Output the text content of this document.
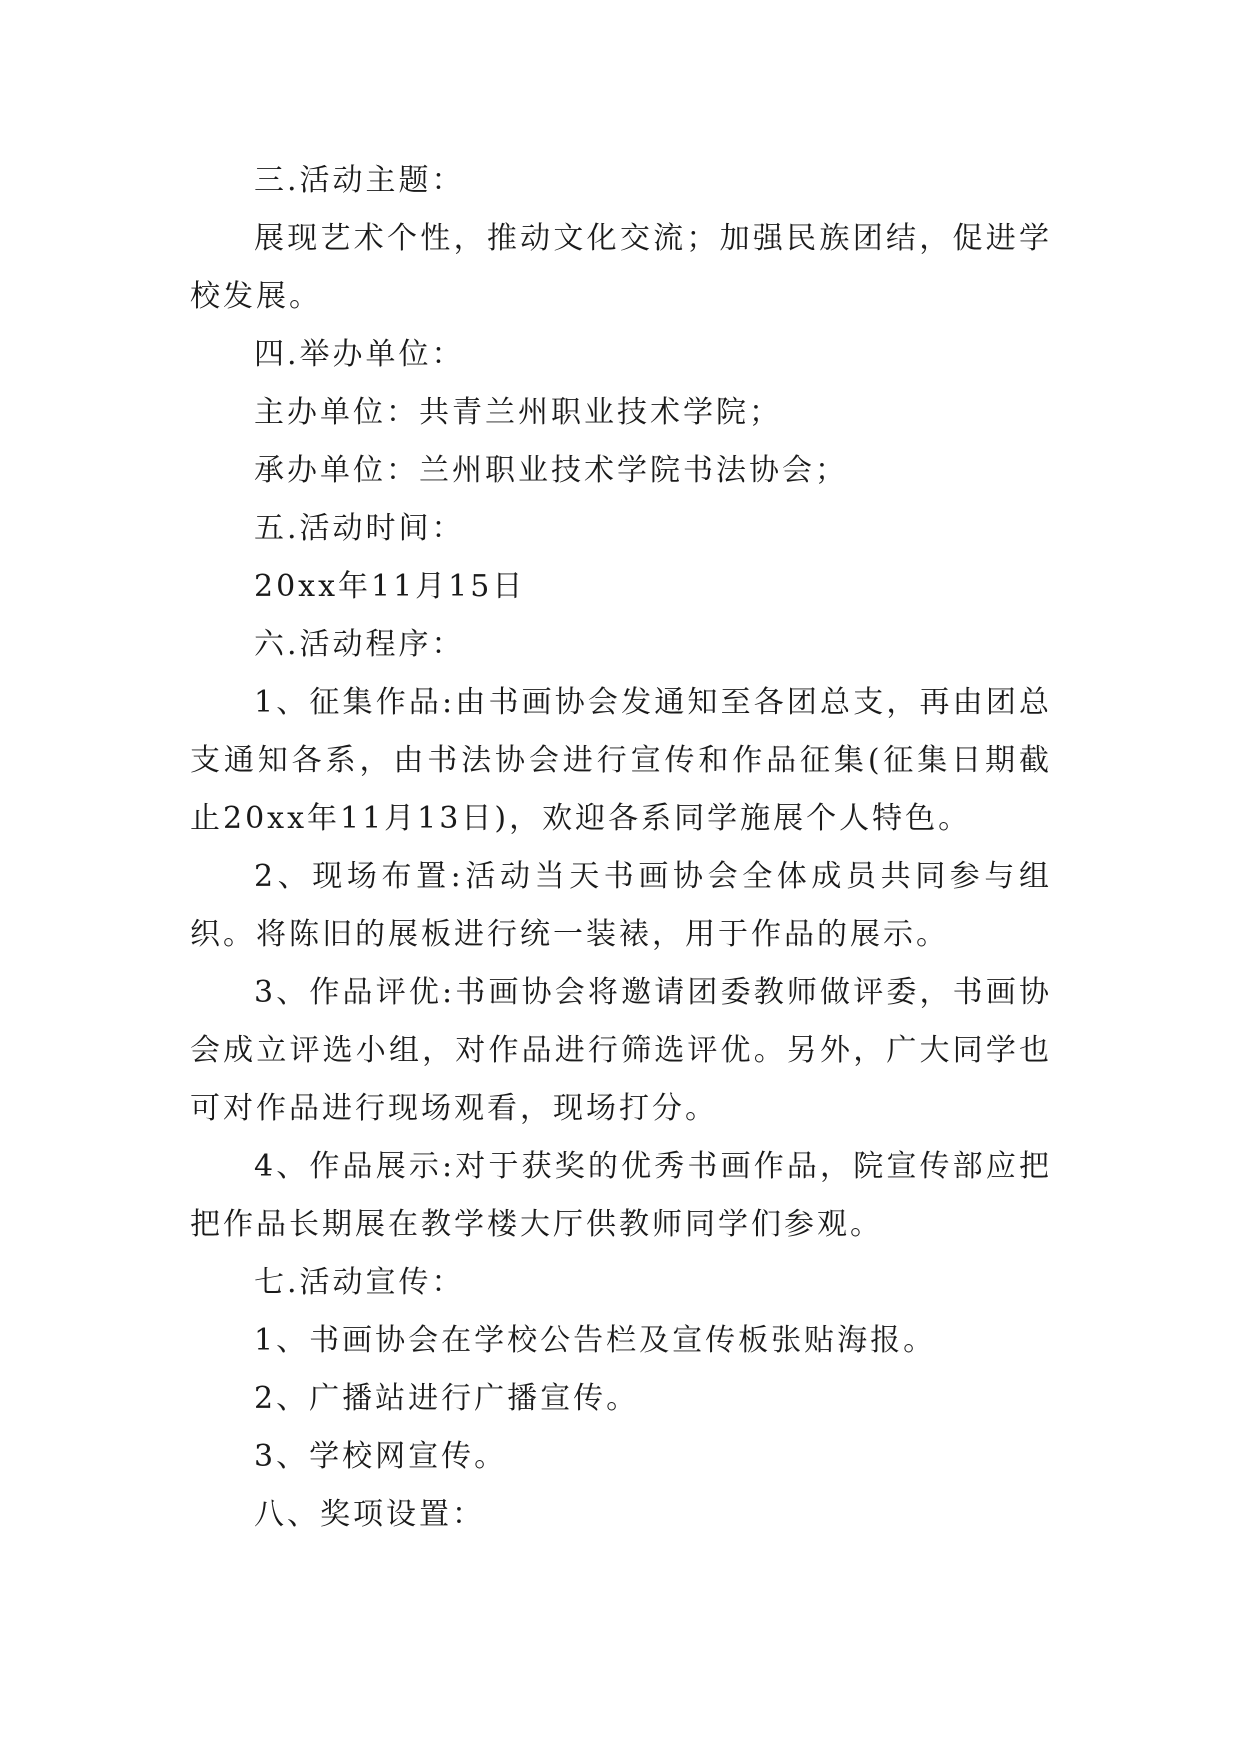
三.活动主题：

展现艺术个性，推动文化交流；加强民族团结，促进学校发展。

四.举办单位：

主办单位：共青兰州职业技术学院；

承办单位：兰州职业技术学院书法协会；

五.活动时间：

20xx年11月15日

六.活动程序：

1、征集作品:由书画协会发通知至各团总支，再由团总支通知各系，由书法协会进行宣传和作品征集(征集日期截止20xx年11月13日)，欢迎各系同学施展个人特色。

2、现场布置:活动当天书画协会全体成员共同参与组织。将陈旧的展板进行统一装裱，用于作品的展示。

3、作品评优:书画协会将邀请团委教师做评委，书画协会成立评选小组，对作品进行筛选评优。另外，广大同学也可对作品进行现场观看，现场打分。

4、作品展示:对于获奖的优秀书画作品，院宣传部应把把作品长期展在教学楼大厅供教师同学们参观。

七.活动宣传：

1、书画协会在学校公告栏及宣传板张贴海报。

2、广播站进行广播宣传。

3、学校网宣传。

八、奖项设置：
